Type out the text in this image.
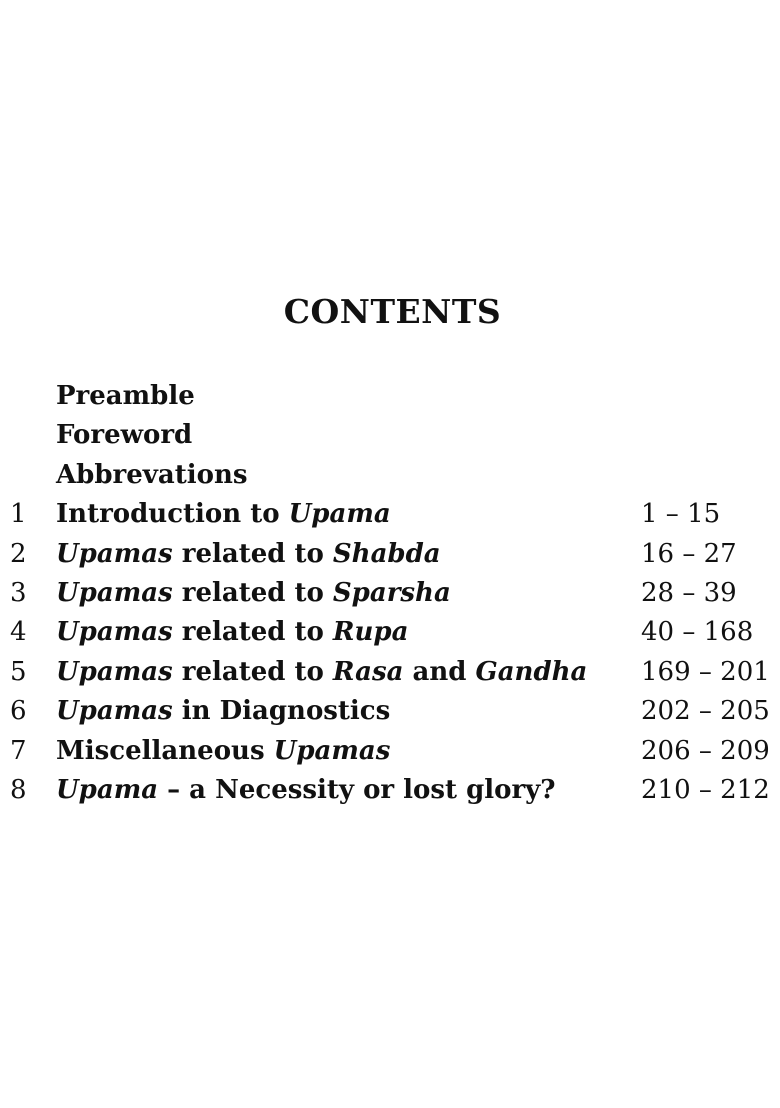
CONTENTS
Preamble
Foreword
Abbrevations
1 Introduction to Upama	1 – 15
2 Upamas related to Shabda	16 – 27
3 Upamas related to Sparsha	28 – 39
4 Upamas related to Rupa	40 – 168
5 Upamas related to Rasa and Gandha 169 – 201
6 Upamas in Diagnostics	202 – 205
7 Miscellaneous Upamas	206 – 209
8 Upama – a Necessity or lost glory?	210 – 212
